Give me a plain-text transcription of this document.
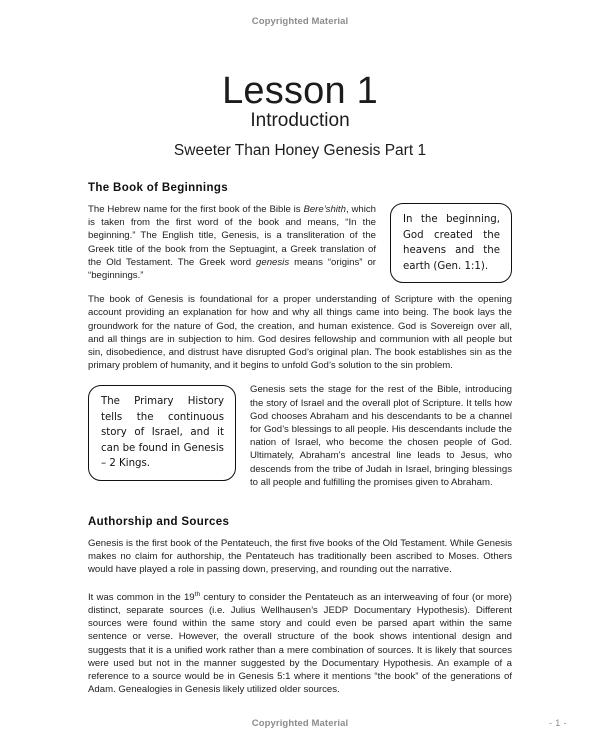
Copyrighted Material
Lesson 1
Introduction
Sweeter Than Honey Genesis Part 1
The Book of Beginnings
In the beginning, God created the heavens and the earth (Gen. 1:1).

The Hebrew name for the first book of the Bible is Bere’shith, which is taken from the first word of the book and means, “In the beginning.” The English title, Genesis, is a transliteration of the Greek title of the book from the Septuagint, a Greek translation of the Old Testament. The Greek word genesis means “origins” or “beginnings.”

The book of Genesis is foundational for a proper understanding of Scripture with the opening account providing an explanation for how and why all things came into being. The book lays the groundwork for the nature of God, the creation, and human existence. God is Sovereign over all, and all things are in subjection to him. God desires fellowship and communion with all people but sin, disobedience, and distrust have disrupted God’s original plan. The book establishes sin as the primary problem of humanity, and it begins to unfold God’s solution to the sin problem.

The Primary History tells the continuous story of Israel, and it can be found in Genesis – 2 Kings.

Genesis sets the stage for the rest of the Bible, introducing the story of Israel and the overall plot of Scripture. It tells how God chooses Abraham and his descendants to be a channel for God’s blessings to all people. His descendants include the nation of Israel, who become the chosen people of God. Ultimately, Abraham’s ancestral line leads to Jesus, who descends from the tribe of Judah in Israel, bringing blessings to all people and fulfilling the promises given to Abraham.

Authorship and Sources

Genesis is the first book of the Pentateuch, the first five books of the Old Testament. While Genesis makes no claim for authorship, the Pentateuch has traditionally been ascribed to Moses. Others would have played a role in passing down, preserving, and rounding out the narrative.

It was common in the 19th century to consider the Pentateuch as an interweaving of four (or more) distinct, separate sources (i.e. Julius Wellhausen’s JEDP Documentary Hypothesis). Different sources were found within the same story and could even be parsed apart within the same sentence or verse. However, the overall structure of the book shows intentional design and suggests that it is a unified work rather than a mere combination of sources. It is likely that sources were used but not in the manner suggested by the Documentary Hypothesis. An example of a reference to a source would be in Genesis 5:1 where it mentions “the book” of the generations of Adam. Genealogies in Genesis likely utilized older sources.

Copyrighted Material	- 1 -
